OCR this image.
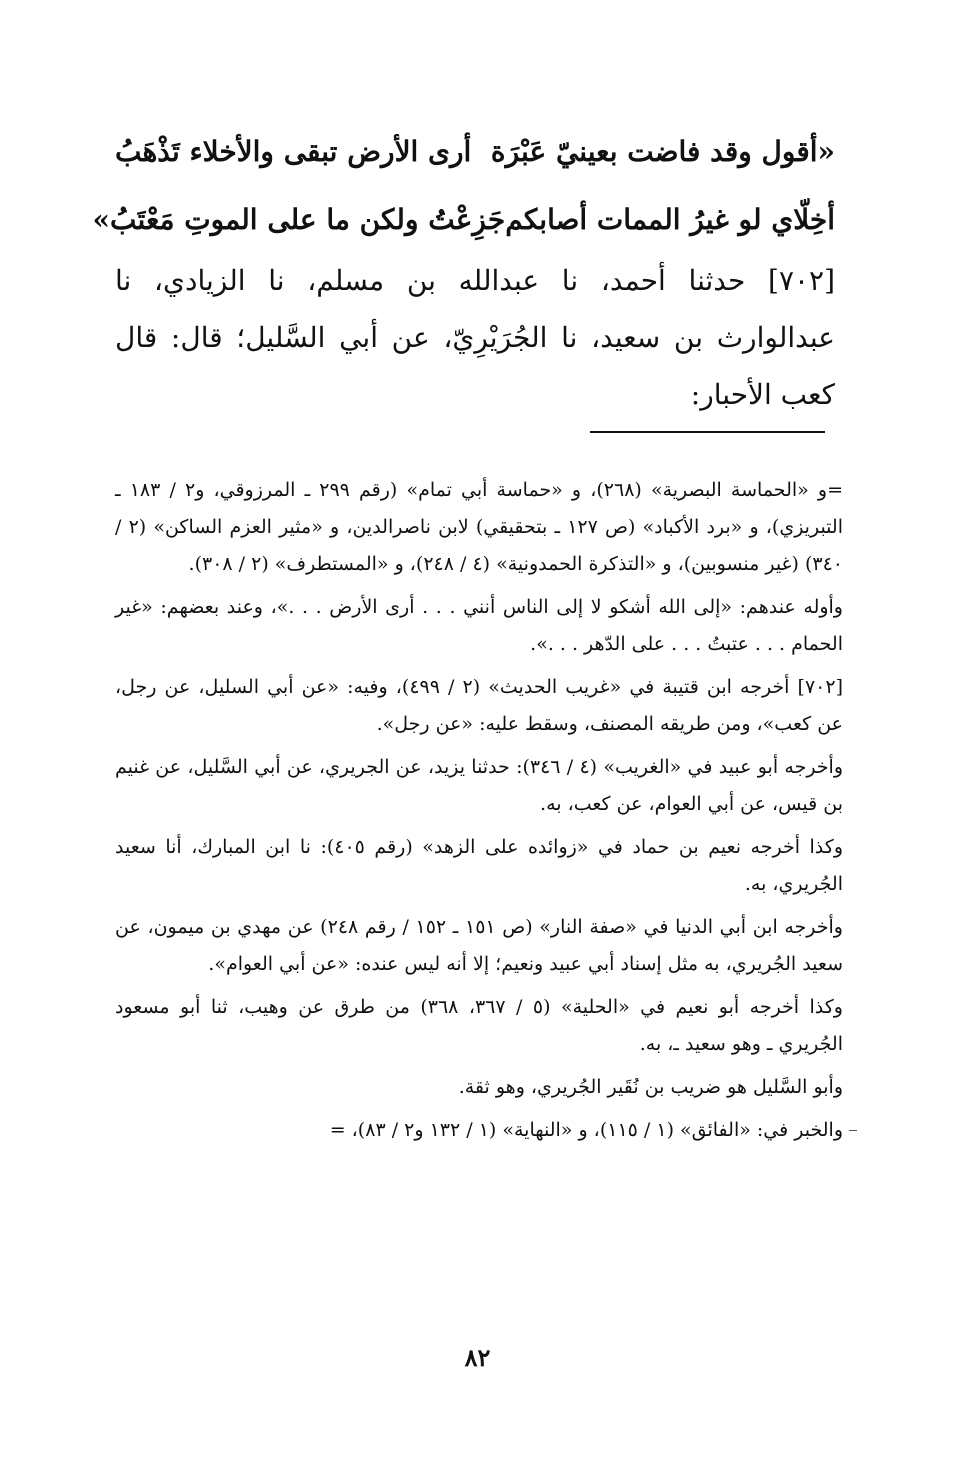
«أقول وقد فاضت بعينيّ عَبْرَة
أرى الأرض تبقى والأخلاء تَذْهَبُ
أخِلّاي لو غيرُ الممات أصابكم
جَزِعْتُ ولكن ما على الموتِ مَعْتَبُ»
[٧٠٢] حدثنا أحمد، نا عبدالله بن مسلم، نا الزيادي، نا عبدالوارث بن سعيد، نا الجُرَيْرِيّ، عن أبي السَّليل؛ قال: قال كعب الأحبار:

=و «الحماسة البصرية» (٢٦٨)، و «حماسة أبي تمام» (رقم ٢٩٩ ـ المرزوقي، و٢ / ١٨٣ ـ التبريزي)، و «برد الأكباد» (ص ١٢٧ ـ بتحقيقي) لابن ناصرالدين، و «مثير العزم الساكن» (٢ / ٣٤٠) (غير منسوبين)، و «التذكرة الحمدونية» (٤ / ٢٤٨)، و «المستطرف» (٢ / ٣٠٨).

وأوله عندهم: «إلى الله أشكو لا إلى الناس أنني . . . أرى الأرض . . .»، وعند بعضهم: «غير الحمام . . . عتبتُ . . . على الدّهر . . .».

[٧٠٢] أخرجه ابن قتيبة في «غريب الحديث» (٢ / ٤٩٩)، وفيه: «عن أبي السليل، عن رجل، عن كعب»، ومن طريقه المصنف، وسقط عليه: «عن رجل».

وأخرجه أبو عبيد في «الغريب» (٤ / ٣٤٦): حدثنا يزيد، عن الجريري، عن أبي السَّليل، عن غنيم بن قيس، عن أبي العوام، عن كعب، به.

وكذا أخرجه نعيم بن حماد في «زوائده على الزهد» (رقم ٤٠٥): نا ابن المبارك، أنا سعيد الجُريري، به.

وأخرجه ابن أبي الدنيا في «صفة النار» (ص ١٥١ ـ ١٥٢ / رقم ٢٤٨) عن مهدي بن ميمون، عن سعيد الجُريري، به مثل إسناد أبي عبيد ونعيم؛ إلا أنه ليس عنده: «عن أبي العوام».

وكذا أخرجه أبو نعيم في «الحلية» (٥ / ٣٦٧، ٣٦٨) من طرق عن وهيب، ثنا أبو مسعود الجُريري ـ وهو سعيد ـ، به.

وأبو السَّليل هو ضريب بن نُقَير الجُريري، وهو ثقة.

والخبر في: «الفائق» (١ / ١١٥)، و «النهاية» (١ / ١٣٢ و٢ / ٨٣)، =

٨٢
